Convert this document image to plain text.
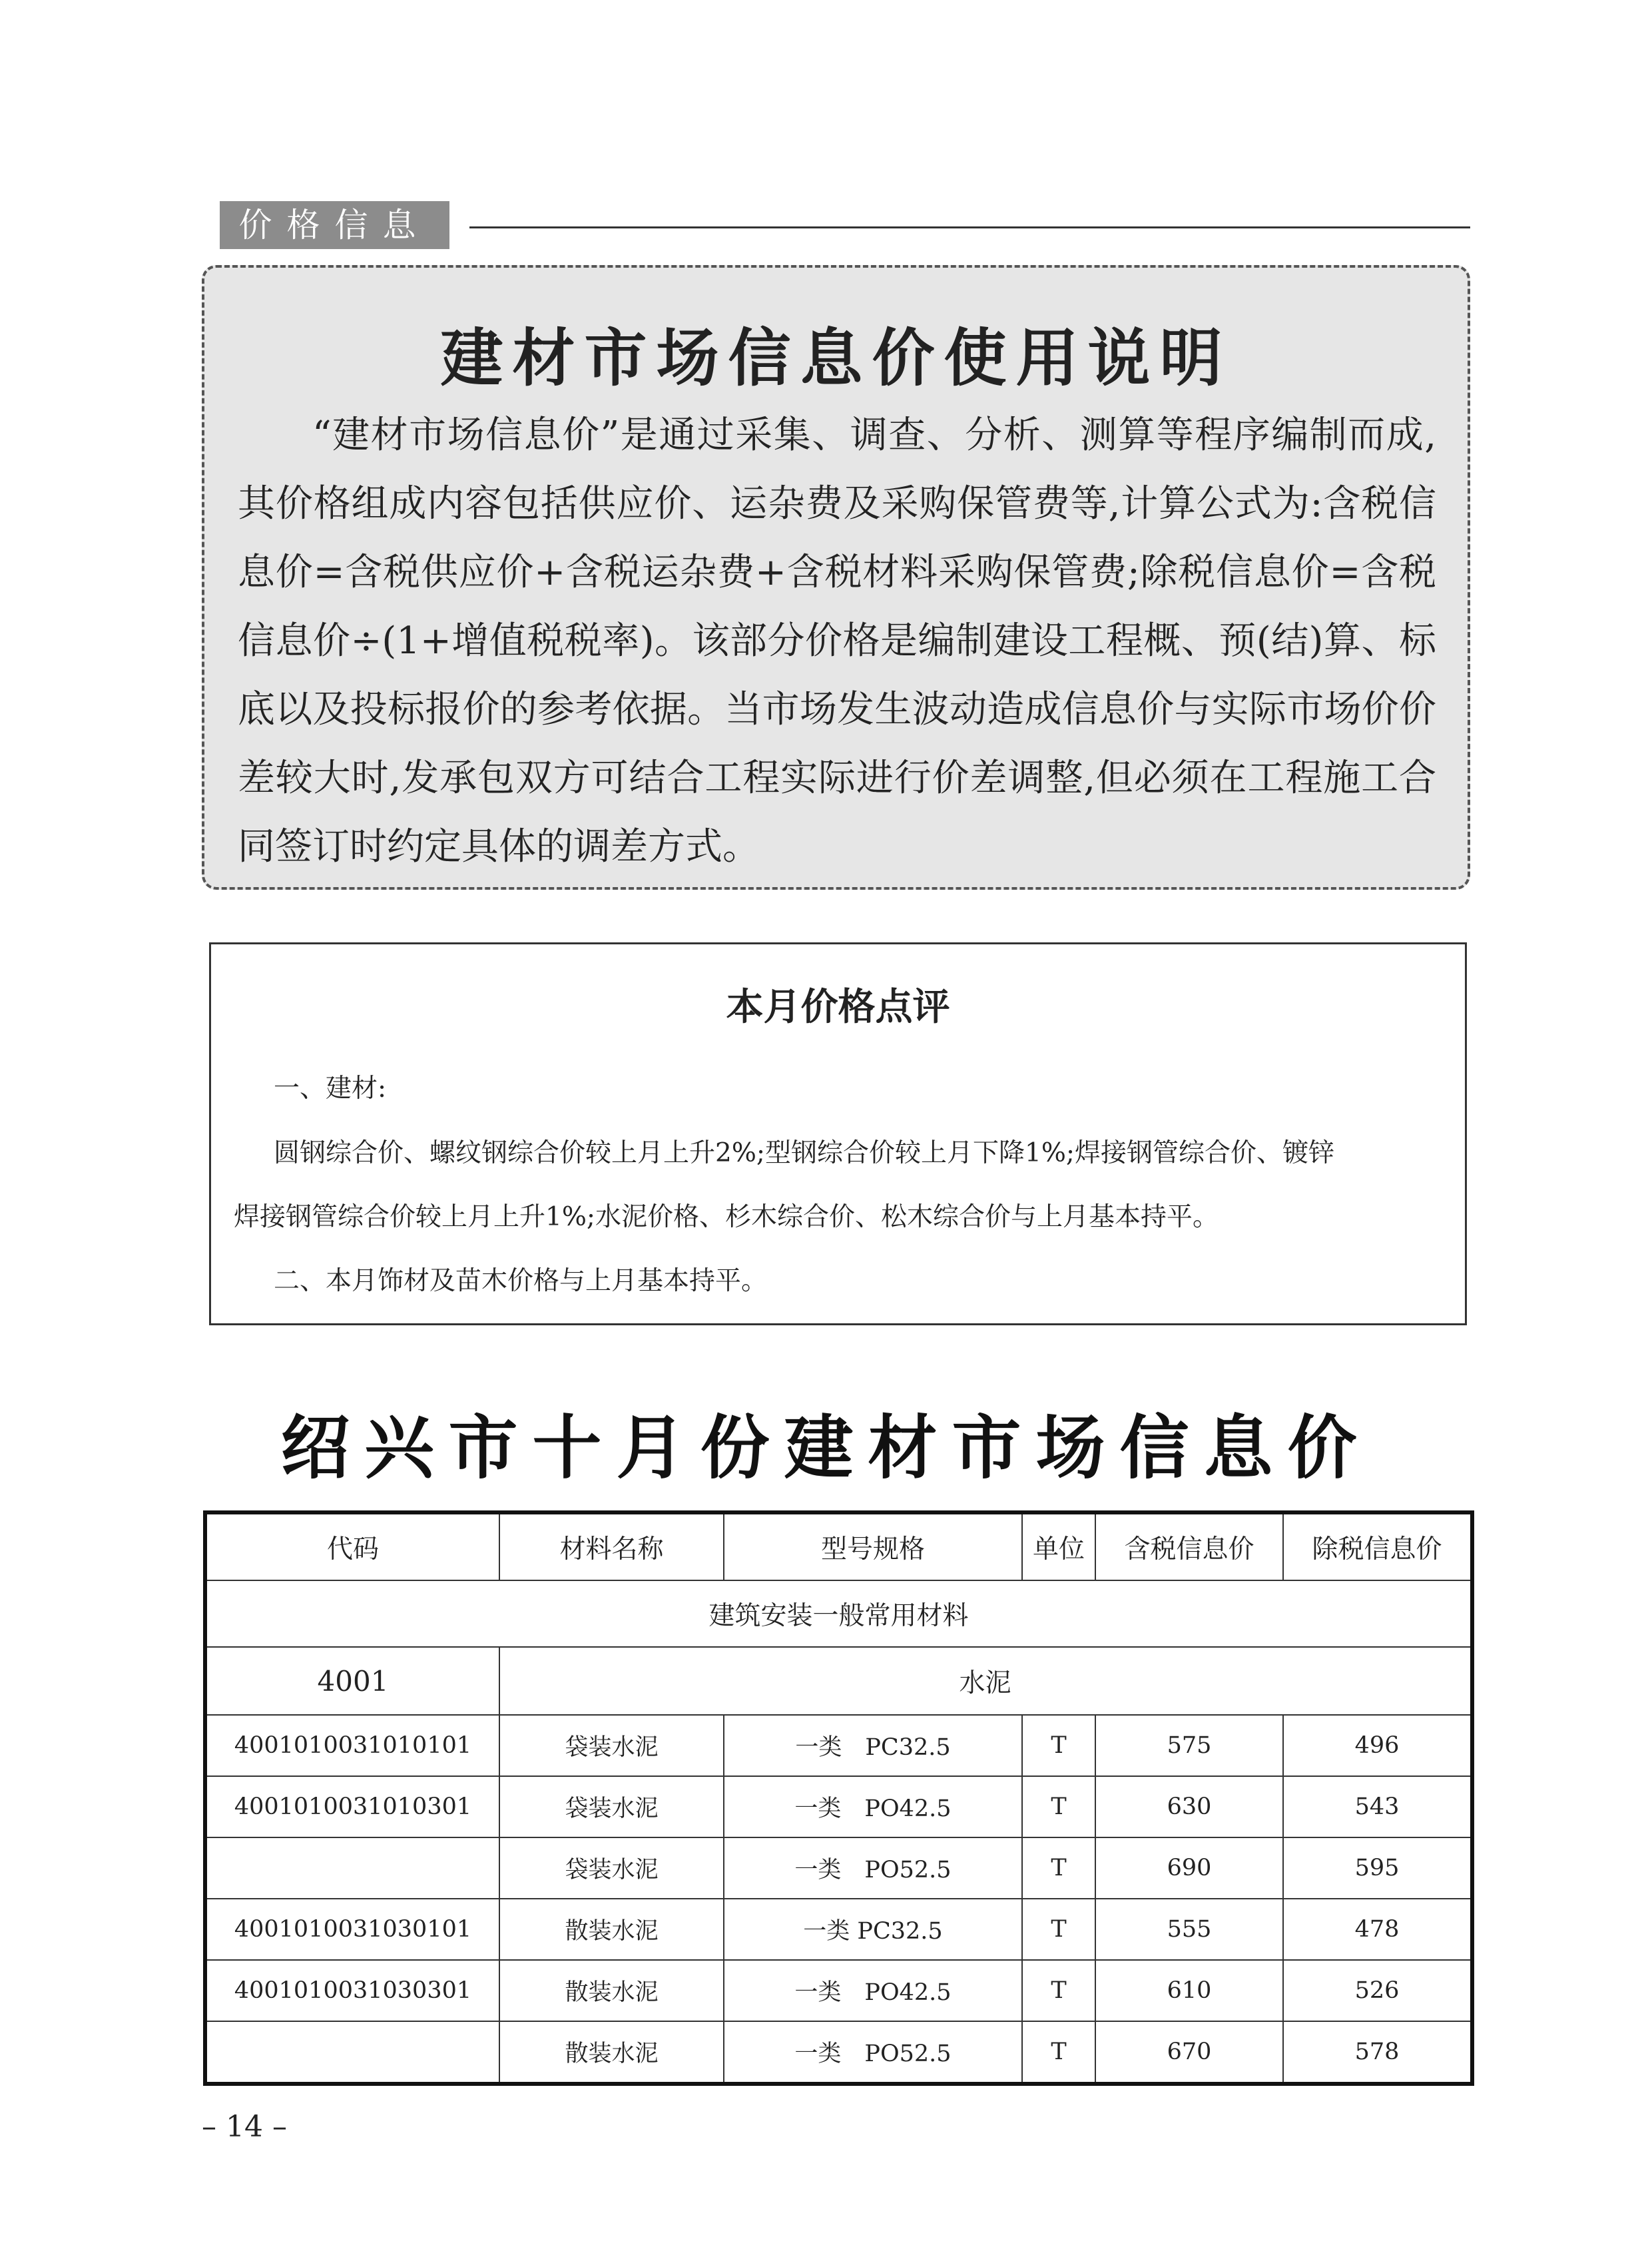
价格信息
建材市场信息价使用说明
“建材市场信息价”是通过采集、调查、分析、测算等程序编制而成,其价格组成内容包括供应价、运杂费及采购保管费等,计算公式为:含税信息价=含税供应价+含税运杂费+含税材料采购保管费;除税信息价=含税信息价÷(1+增值税税率)。该部分价格是编制建设工程概、预(结)算、标底以及投标报价的参考依据。当市场发生波动造成信息价与实际市场价价差较大时,发承包双方可结合工程实际进行价差调整,但必须在工程施工合同签订时约定具体的调差方式。
本月价格点评
一、建材:
圆钢综合价、螺纹钢综合价较上月上升2%;型钢综合价较上月下降1%;焊接钢管综合价、镀锌
焊接钢管综合价较上月上升1%;水泥价格、杉木综合价、松木综合价与上月基本持平。
二、本月饰材及苗木价格与上月基本持平。
绍兴市十月份建材市场信息价
代码	材料名称	型号规格	单位	含税信息价	除税信息价
建筑安装一般常用材料					
4001	水泥				
4001010031010101	袋装水泥	一类　PC32.5	T	575	496
4001010031010301	袋装水泥	一类　PO42.5	T	630	543
	袋装水泥	一类　PO52.5	T	690	595
4001010031030101	散装水泥	一类 PC32.5	T	555	478
4001010031030301	散装水泥	一类　PO42.5	T	610	526
	散装水泥	一类　PO52.5	T	670	578
– 14 –
